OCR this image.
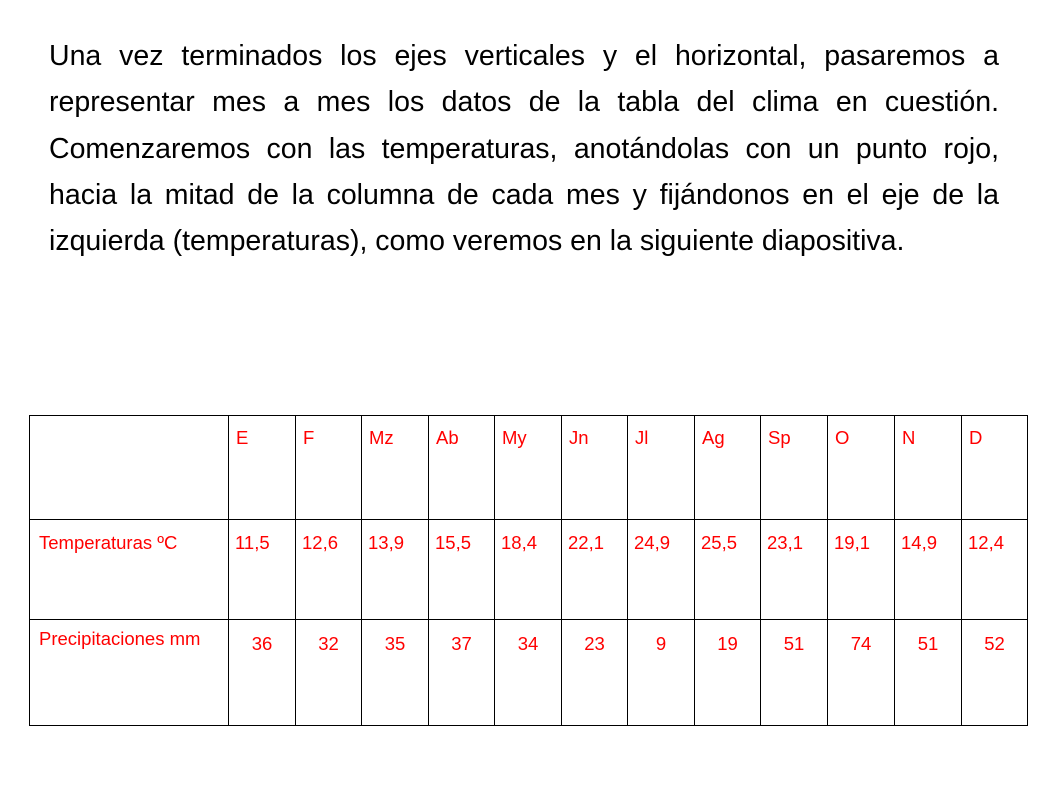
Una vez terminados los ejes verticales y el horizontal, pasaremos a representar mes a mes los datos de la tabla del clima en cuestión. Comenzaremos con las temperaturas, anotándolas con un punto rojo, hacia la mitad de la columna de cada mes y fijándonos en el eje de la izquierda (temperaturas), como veremos en la siguiente diapositiva.

	E	F	Mz	Ab	My	Jn	Jl	Ag	Sp	O	N	D
Temperaturas ºC	11,5	12,6	13,9	15,5	18,4	22,1	24,9	25,5	23,1	19,1	14,9	12,4
Precipitaciones mm	36	32	35	37	34	23	9	19	51	74	51	52
